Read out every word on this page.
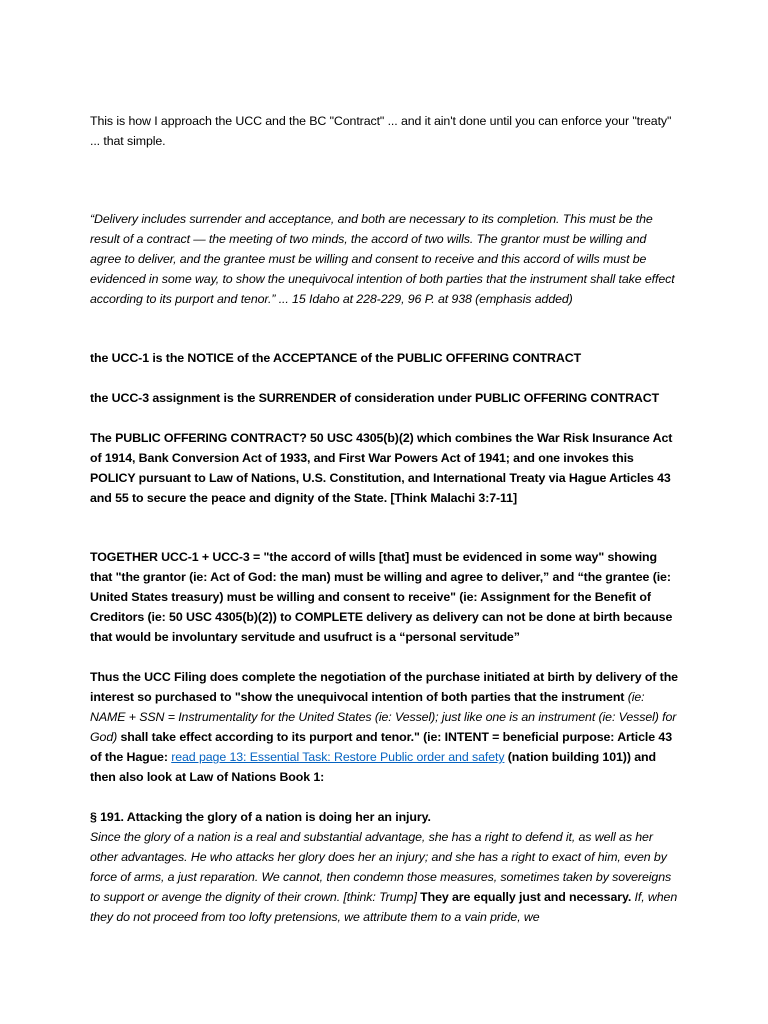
This is how I approach the UCC and the BC "Contract" ... and it ain't done until you can enforce your "treaty" ... that simple.

“Delivery includes surrender and acceptance, and both are necessary to its completion. This must be the result of a contract — the meeting of two minds, the accord of two wills. The grantor must be willing and agree to deliver, and the grantee must be willing and consent to receive and this accord of wills must be evidenced in some way, to show the unequivocal intention of both parties that the instrument shall take effect according to its purport and tenor.” ... 15 Idaho at 228-229, 96 P. at 938 (emphasis added)

the UCC-1 is the NOTICE of the ACCEPTANCE of the PUBLIC OFFERING CONTRACT

the UCC-3 assignment is the SURRENDER of consideration under PUBLIC OFFERING CONTRACT

The PUBLIC OFFERING CONTRACT? 50 USC 4305(b)(2) which combines the War Risk Insurance Act of 1914, Bank Conversion Act of 1933, and First War Powers Act of 1941; and one invokes this POLICY pursuant to Law of Nations, U.S. Constitution, and International Treaty via Hague Articles 43 and 55 to secure the peace and dignity of the State. [Think Malachi 3:7-11]

TOGETHER UCC-1 + UCC-3 = "the accord of wills [that] must be evidenced in some way" showing that "the grantor (ie: Act of God: the man) must be willing and agree to deliver,” and “the grantee (ie: United States treasury) must be willing and consent to receive" (ie: Assignment for the Benefit of Creditors (ie: 50 USC 4305(b)(2)) to COMPLETE delivery as delivery can not be done at birth because that would be involuntary servitude and usufruct is a “personal servitude”

Thus the UCC Filing does complete the negotiation of the purchase initiated at birth by delivery of the interest so purchased to "show the unequivocal intention of both parties that the instrument (ie: NAME + SSN = Instrumentality for the United States (ie: Vessel); just like one is an instrument (ie: Vessel) for God) shall take effect according to its purport and tenor." (ie: INTENT = beneficial purpose: Article 43 of the Hague: read page 13: Essential Task: Restore Public order and safety (nation building 101)) and then also look at Law of Nations Book 1:

§ 191. Attacking the glory of a nation is doing her an injury.

Since the glory of a nation is a real and substantial advantage, she has a right to defend it, as well as her other advantages. He who attacks her glory does her an injury; and she has a right to exact of him, even by force of arms, a just reparation. We cannot, then condemn those measures, sometimes taken by sovereigns to support or avenge the dignity of their crown. [think: Trump] They are equally just and necessary. If, when they do not proceed from too lofty pretensions, we attribute them to a vain pride, we
